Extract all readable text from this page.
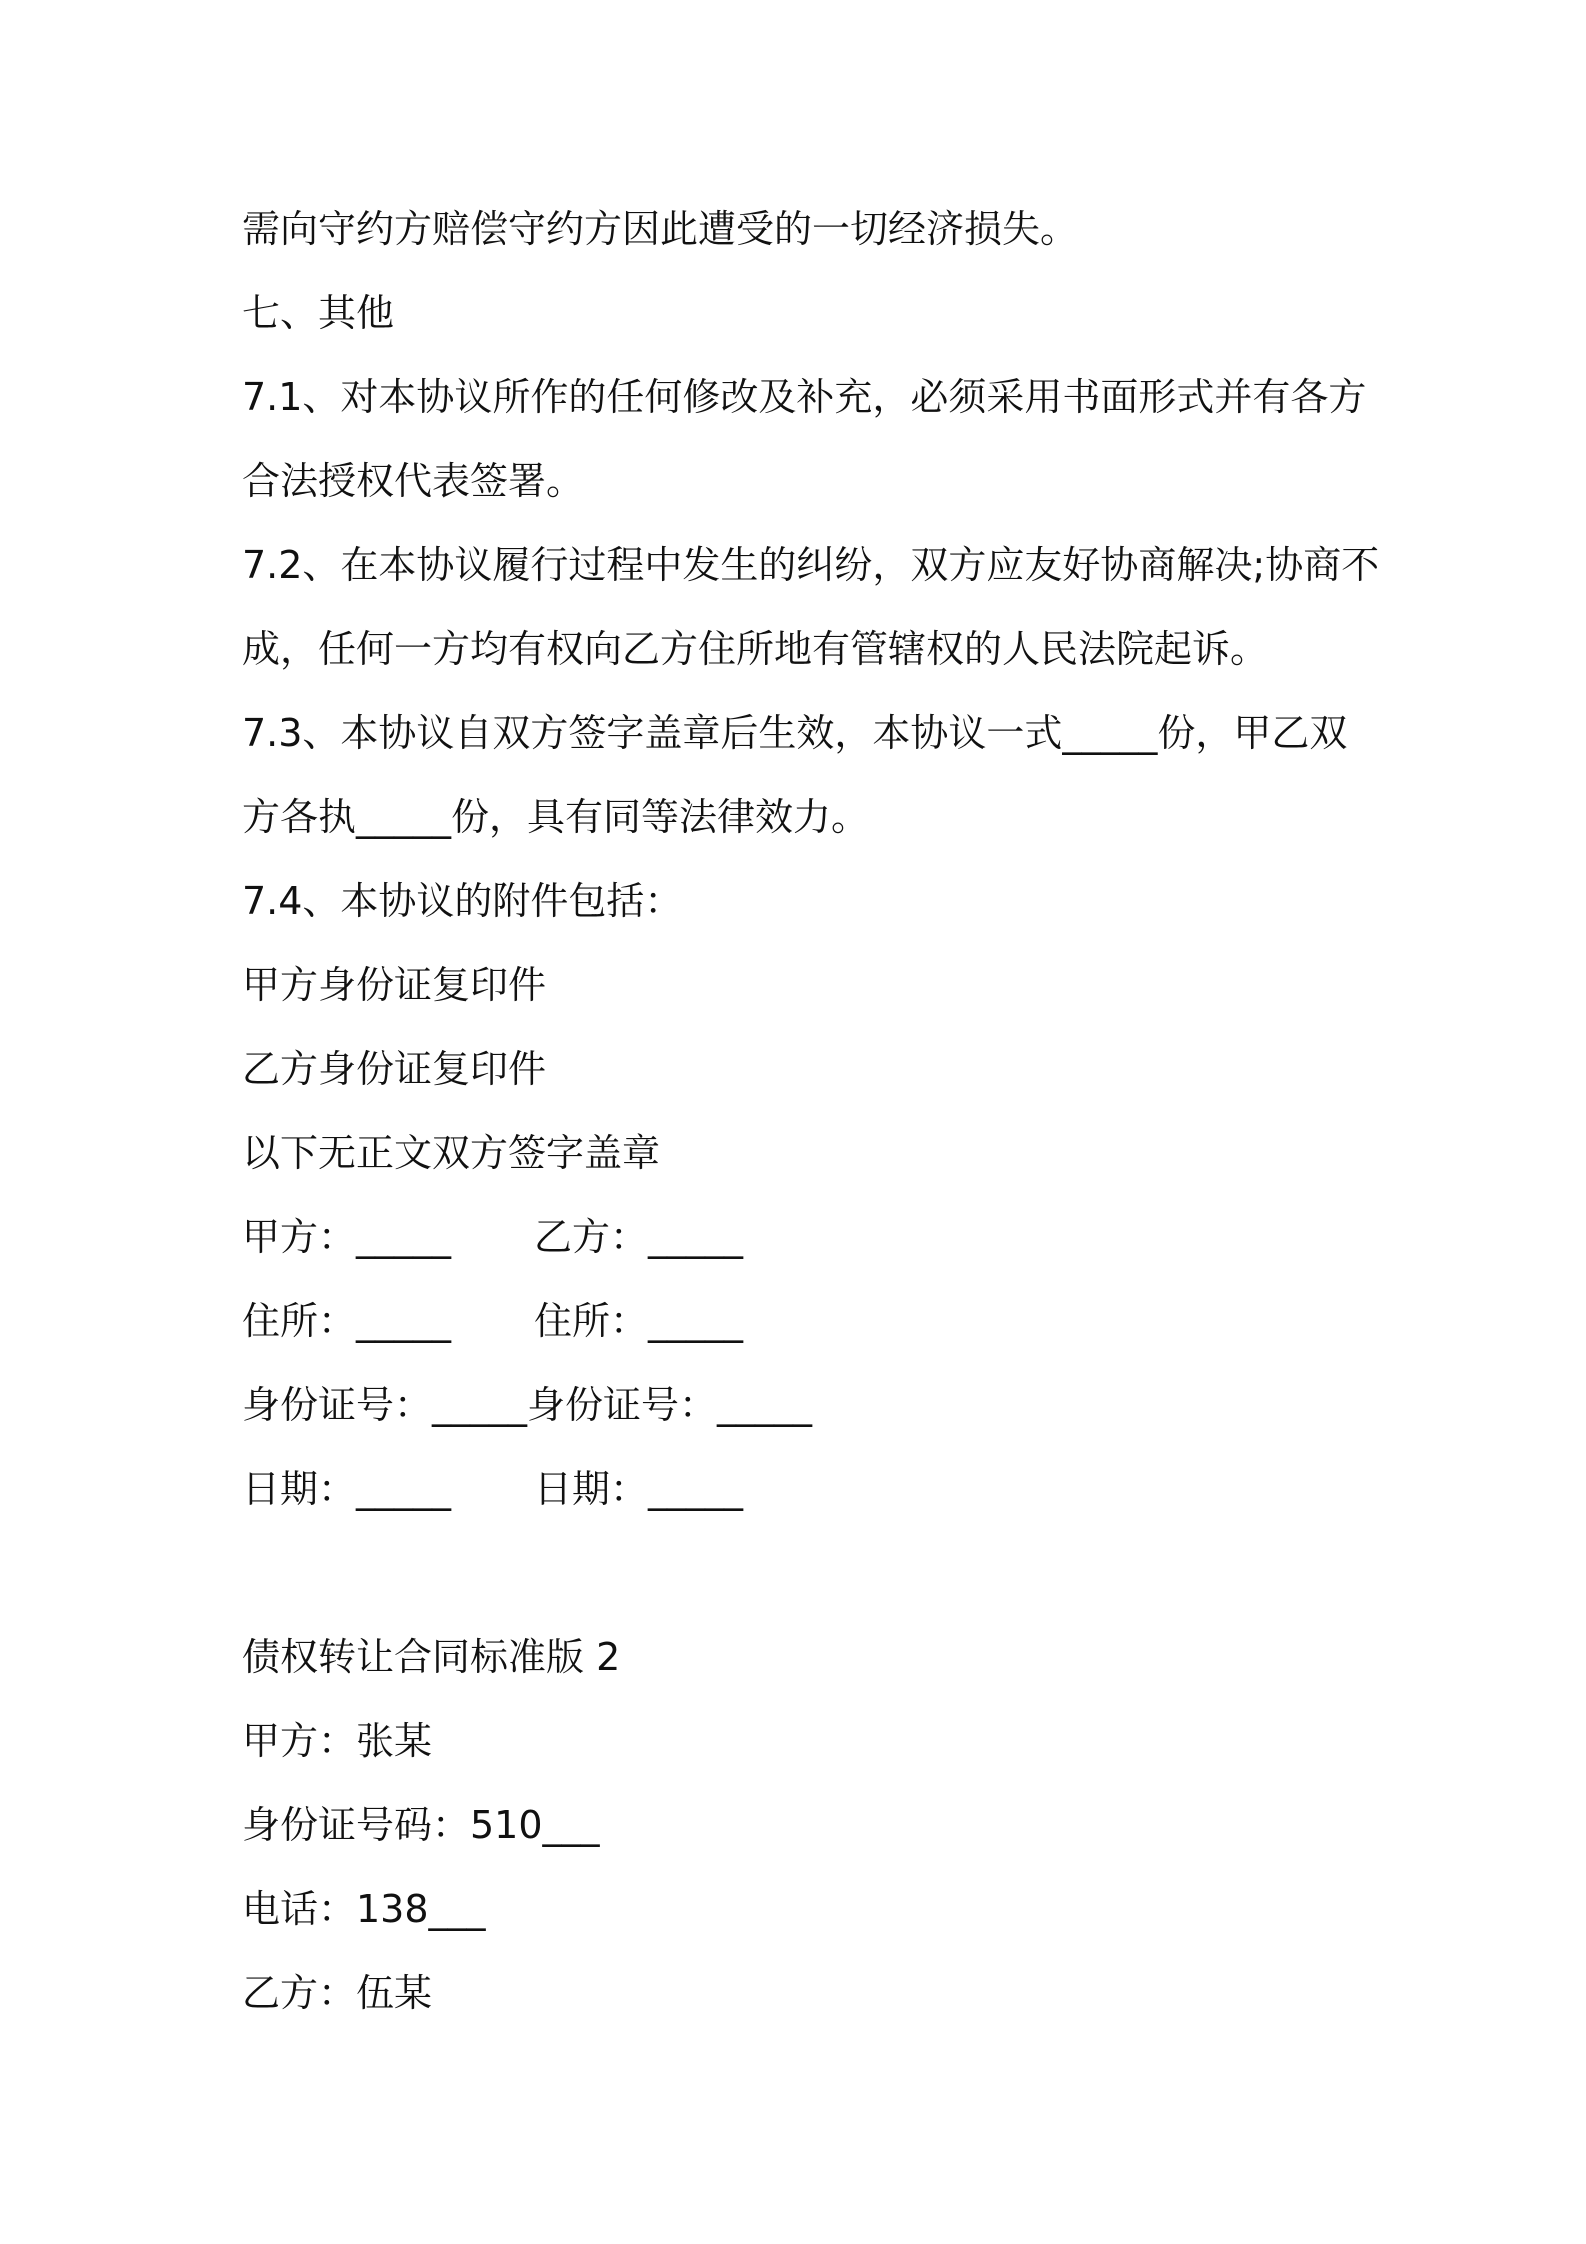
需向守约方赔偿守约方因此遭受的一切经济损失。
七、其他
7.1、对本协议所作的任何修改及补充，必须采用书面形式并有各方
合法授权代表签署。
7.2、在本协议履行过程中发生的纠纷，双方应友好协商解决;协商不
成，任何一方均有权向乙方住所地有管辖权的人民法院起诉。
7.3、本协议自双方签字盖章后生效，本协议一式_____份，甲乙双
方各执_____份，具有同等法律效力。
7.4、本协议的附件包括：
甲方身份证复印件
乙方身份证复印件
以下无正文双方签字盖章
甲方：_____ 乙方：_____
住所：_____ 住所：_____
身份证号：_____身份证号：_____
日期：_____ 日期：_____
债权转让合同标准版 2
甲方：张某
身份证号码：510___
电话：138___
乙方：伍某
